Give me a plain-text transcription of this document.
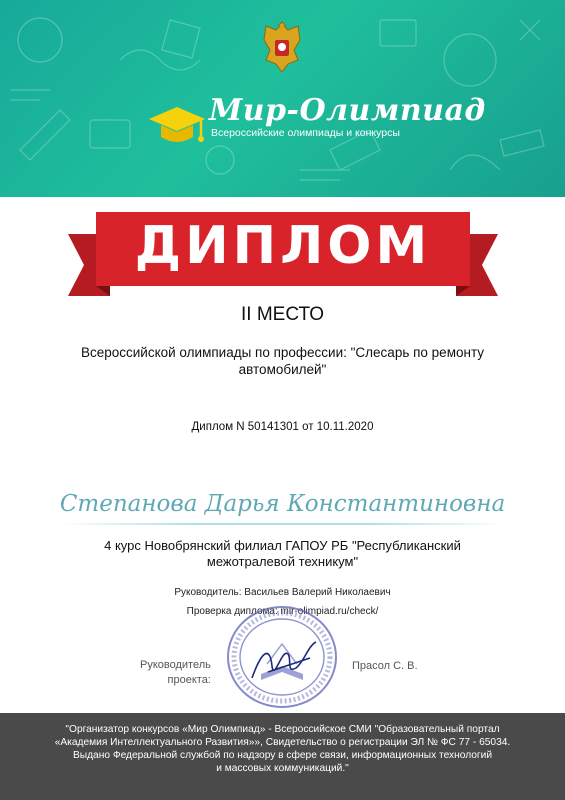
Мир-Олимпиад
Всероссийские олимпиады и конкурсы
ДИПЛОМ
II МЕСТО
Всероссийской олимпиады по профессии: "Слесарь по ремонту автомобилей"
Диплом N 50141301 от 10.11.2020
Степанова Дарья Константиновна
4 курс Новобрянский филиал ГАПОУ РБ "Республиканский межотралевой техникум"
Руководитель: Васильев Валерий Николаевич
Проверка диплома: mir-olimpiad.ru/check/
Руководитель
проекта:
Прасол С. В.
"Организатор конкурсов «Мир Олимпиад» - Всероссийское СМИ "Образовательный портал
«Академия Интеллектуального Развития»», Свидетельство о регистрации ЭЛ № ФС 77 - 65034.
Выдано Федеральной службой по надзору в сфере связи, информационных технологий
и массовых коммуникаций."
